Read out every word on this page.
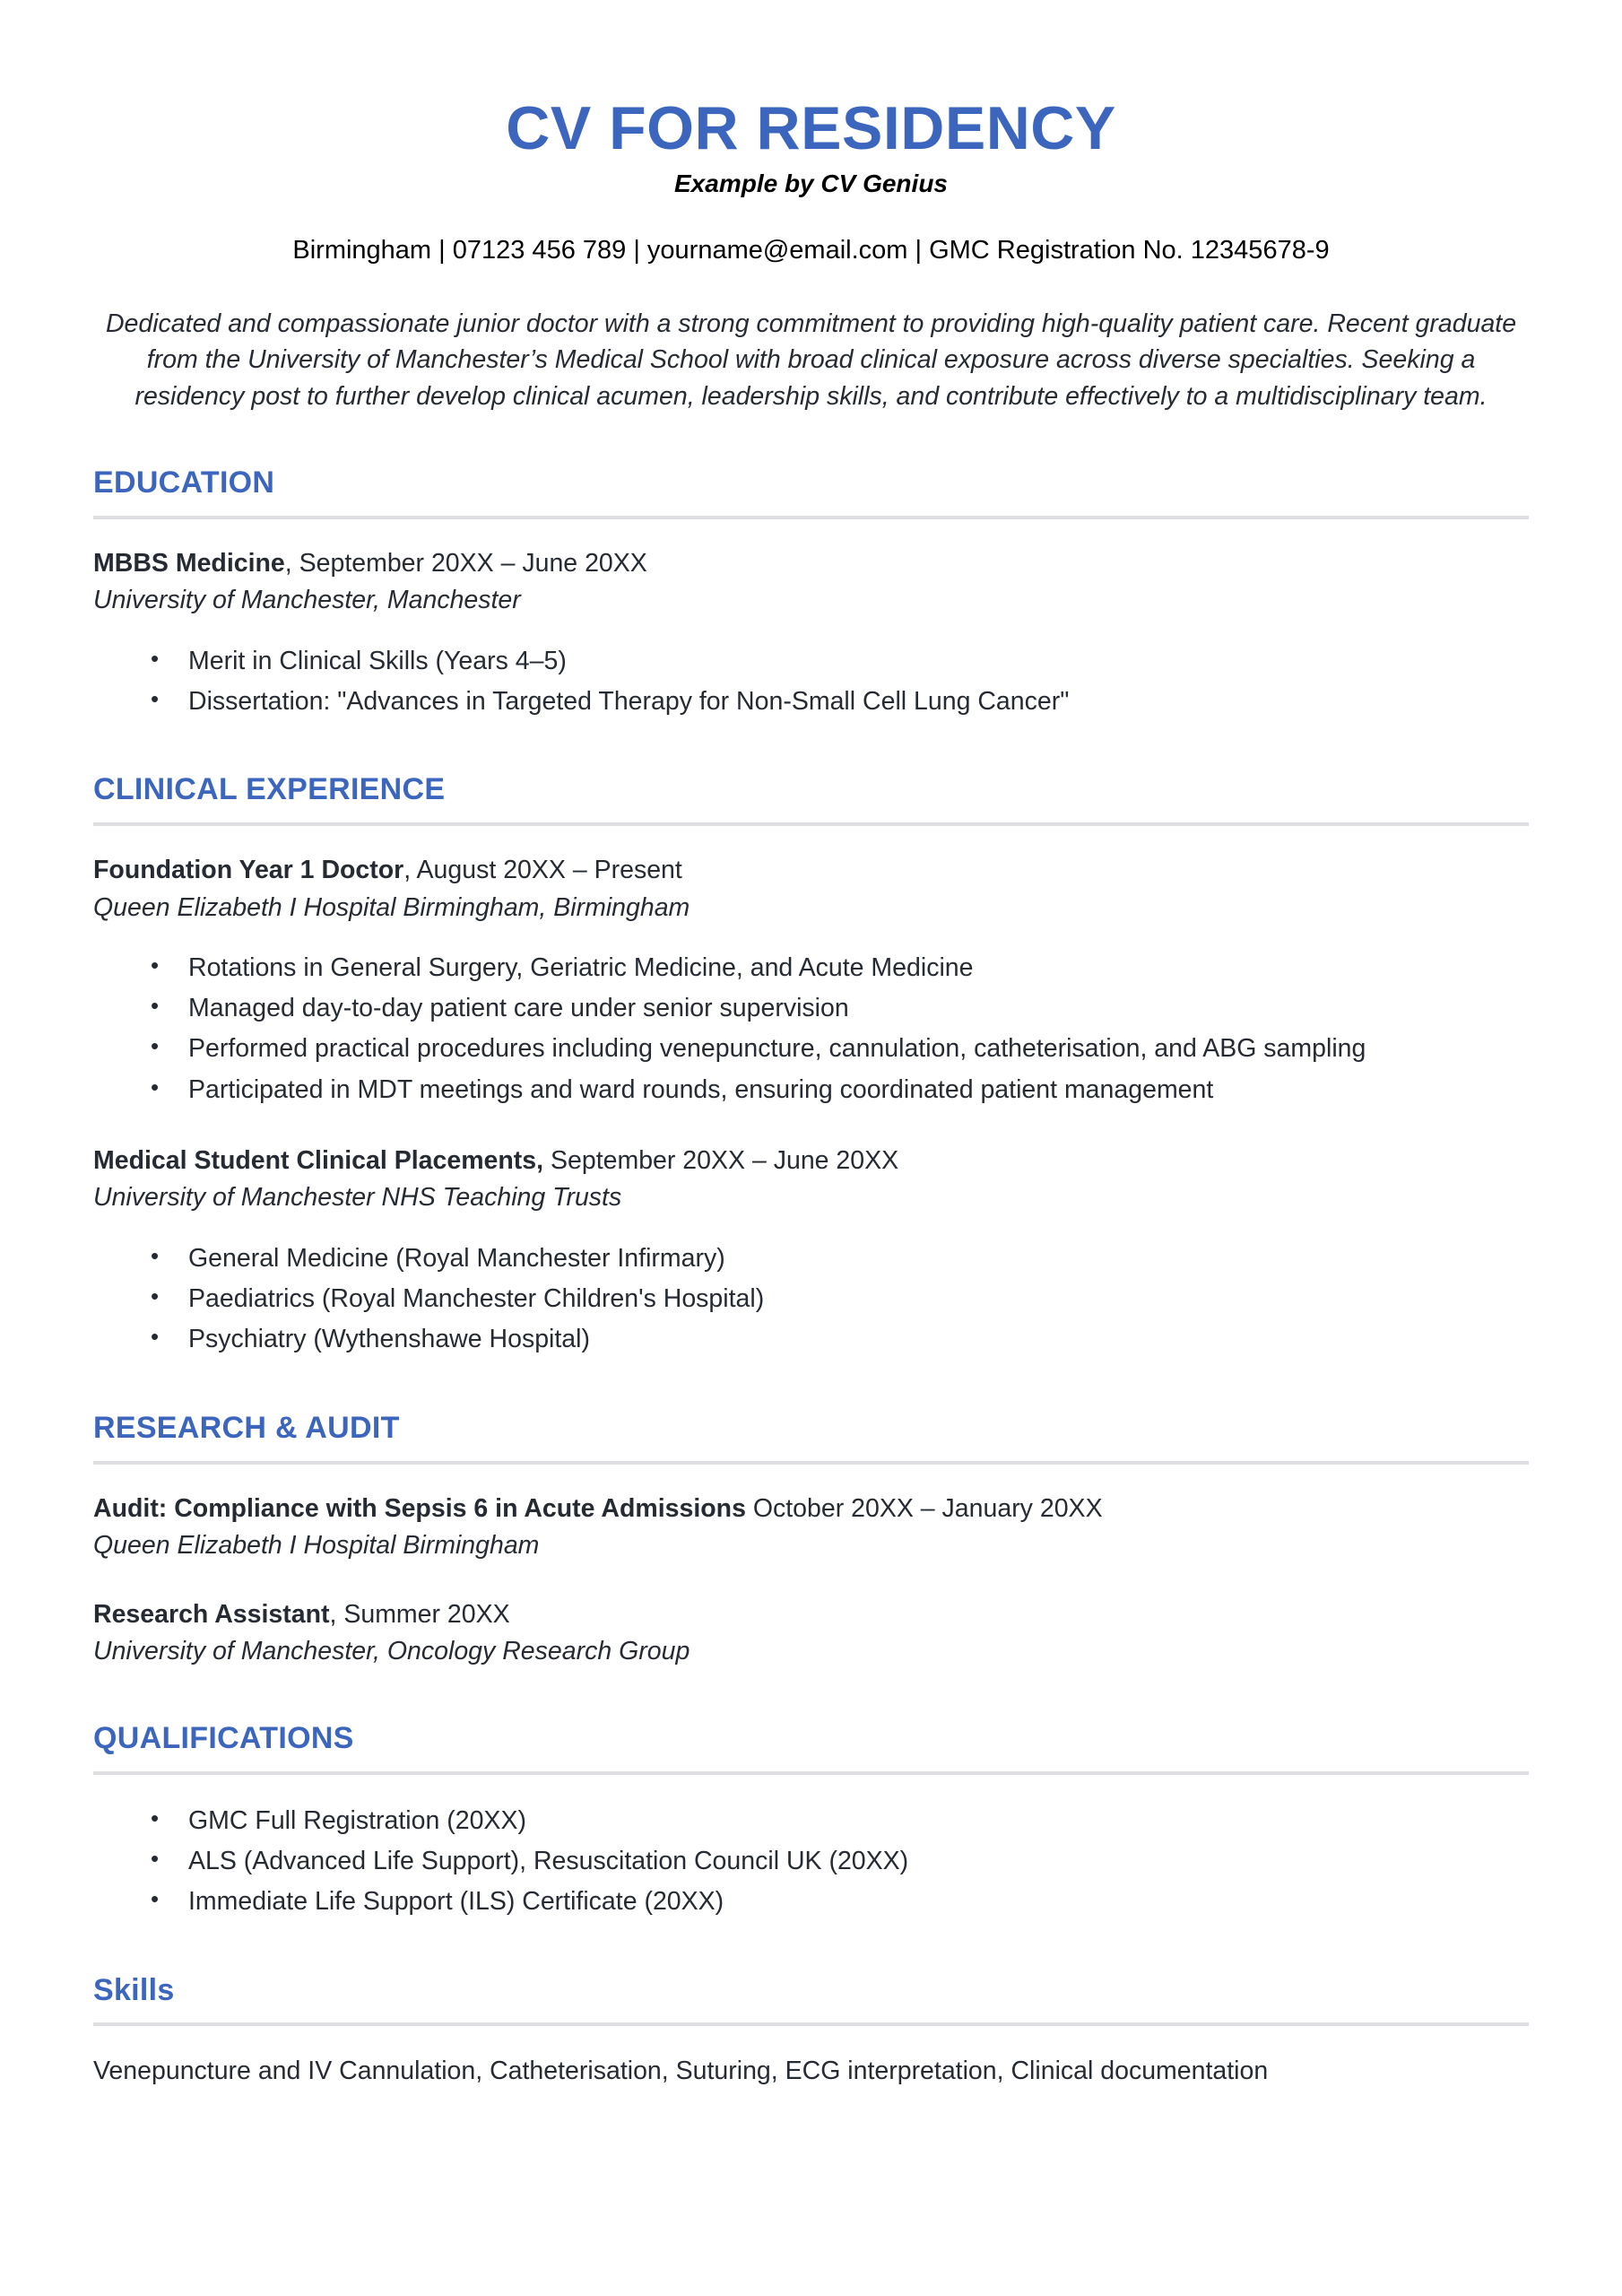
CV FOR RESIDENCY
Example by CV Genius
Birmingham | 07123 456 789 | yourname@email.com | GMC Registration No. 12345678-9

Dedicated and compassionate junior doctor with a strong commitment to providing high-quality patient care. Recent graduate from the University of Manchester’s Medical School with broad clinical exposure across diverse specialties. Seeking a residency post to further develop clinical acumen, leadership skills, and contribute effectively to a multidisciplinary team.

EDUCATION
MBBS Medicine, September 20XX – June 20XX
University of Manchester, Manchester
• Merit in Clinical Skills (Years 4–5)
• Dissertation: "Advances in Targeted Therapy for Non-Small Cell Lung Cancer"
CLINICAL EXPERIENCE
Foundation Year 1 Doctor, August 20XX – Present
Queen Elizabeth I Hospital Birmingham, Birmingham
• Rotations in General Surgery, Geriatric Medicine, and Acute Medicine
• Managed day-to-day patient care under senior supervision
• Performed practical procedures including venepuncture, cannulation, catheterisation, and ABG sampling
• Participated in MDT meetings and ward rounds, ensuring coordinated patient management
Medical Student Clinical Placements, September 20XX – June 20XX
University of Manchester NHS Teaching Trusts
• General Medicine (Royal Manchester Infirmary)
• Paediatrics (Royal Manchester Children's Hospital)
• Psychiatry (Wythenshawe Hospital)
RESEARCH & AUDIT
Audit: Compliance with Sepsis 6 in Acute Admissions October 20XX – January 20XX
Queen Elizabeth I Hospital Birmingham
Research Assistant, Summer 20XX
University of Manchester, Oncology Research Group
QUALIFICATIONS
• GMC Full Registration (20XX)
• ALS (Advanced Life Support), Resuscitation Council UK (20XX)
• Immediate Life Support (ILS) Certificate (20XX)
Skills
Venepuncture and IV Cannulation, Catheterisation, Suturing, ECG interpretation, Clinical documentation
